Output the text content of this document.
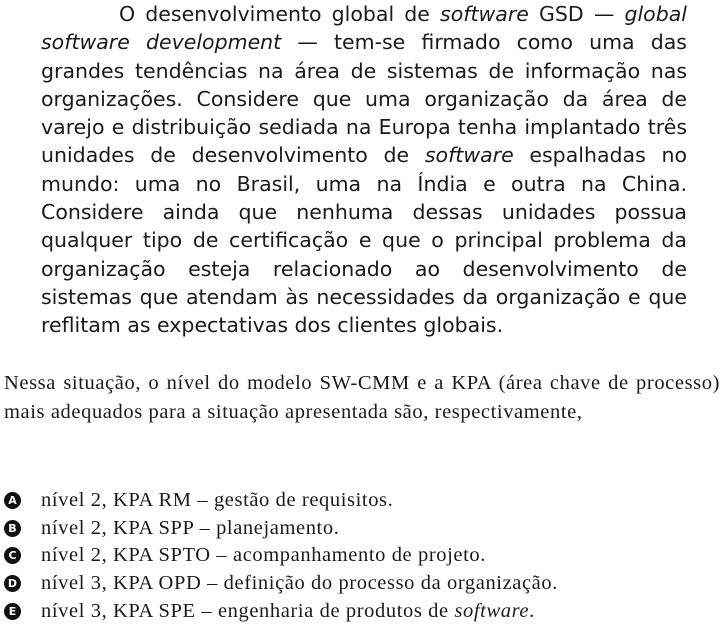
O desenvolvimento global de software GSD — global software development — tem-se firmado como uma das grandes tendências na área de sistemas de informação nas organizações. Considere que uma organização da área de varejo e distribuição sediada na Europa tenha implantado três unidades de desenvolvimento de software espalhadas no mundo: uma no Brasil, uma na Índia e outra na China. Considere ainda que nenhuma dessas unidades possua qualquer tipo de certificação e que o principal problema da organização esteja relacionado ao desenvolvimento de sistemas que atendam às necessidades da organização e que reflitam as expectativas dos clientes globais.

Nessa situação, o nível do modelo SW-CMM e a KPA (área chave de processo) mais adequados para a situação apresentada são, respectivamente,

A nível 2, KPA RM – gestão de requisitos.
B nível 2, KPA SPP – planejamento.
C nível 2, KPA SPTO – acompanhamento de projeto.
D nível 3, KPA OPD – definição do processo da organização.
E nível 3, KPA SPE – engenharia de produtos de software.
